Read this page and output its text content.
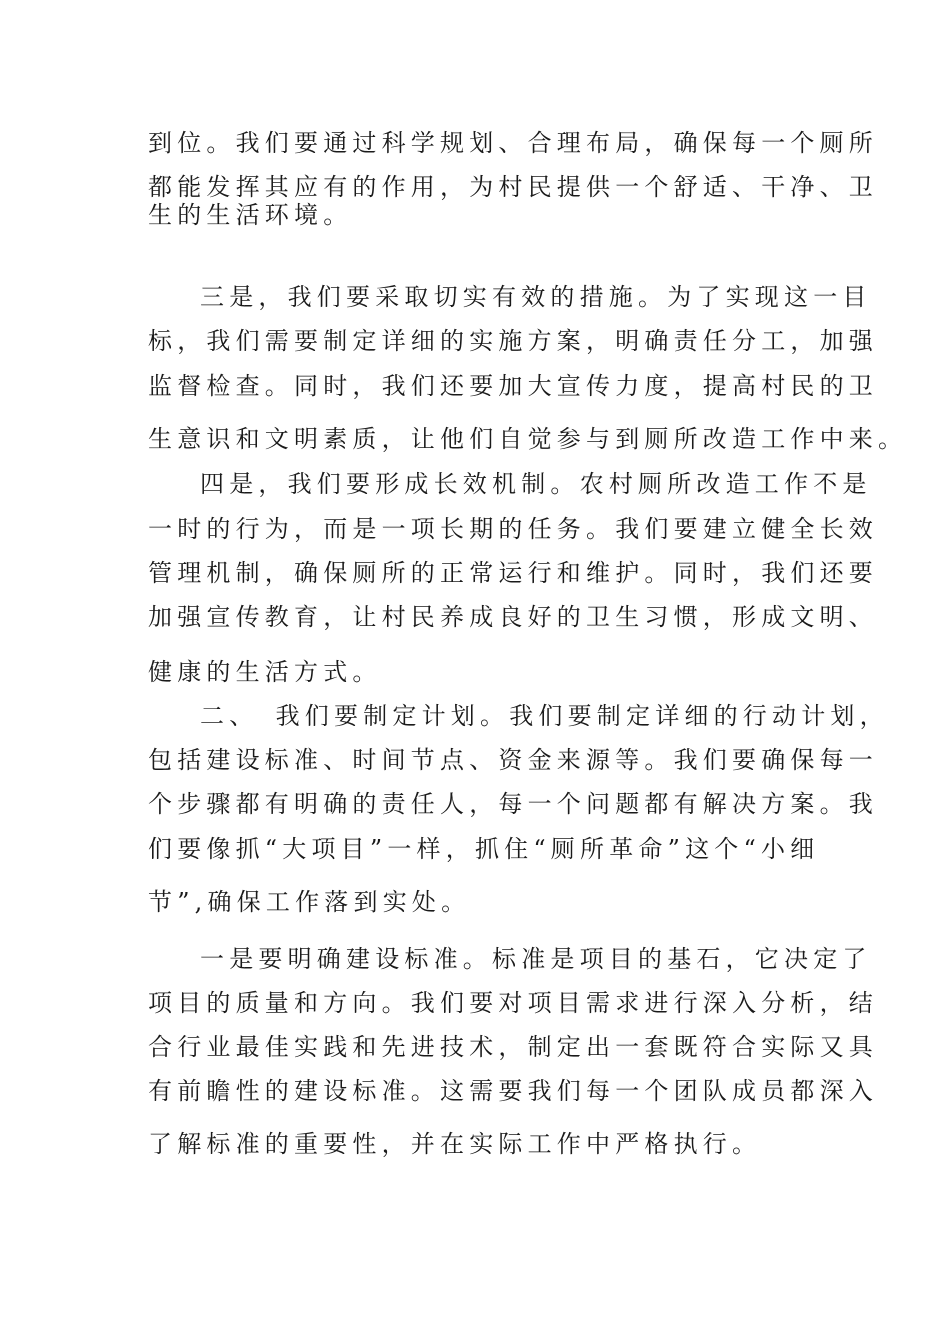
到位。我们要通过科学规划、合理布局，确保每一个厕所
都能发挥其应有的作用，为村民提供一个舒适、干净、卫
生的生活环境。
三是，我们要采取切实有效的措施。为了实现这一目
标，我们需要制定详细的实施方案，明确责任分工，加强
监督检查。同时，我们还要加大宣传力度，提高村民的卫
生意识和文明素质，让他们自觉参与到厕所改造工作中来。
四是，我们要形成长效机制。农村厕所改造工作不是
一时的行为，而是一项长期的任务。我们要建立健全长效
管理机制，确保厕所的正常运行和维护。同时，我们还要
加强宣传教育，让村民养成良好的卫生习惯，形成文明、
健康的生活方式。
二、　我们要制定计划。我们要制定详细的行动计划，
包括建设标准、时间节点、资金来源等。我们要确保每一
个步骤都有明确的责任人，每一个问题都有解决方案。我
们要像抓“大项目”一样，抓住“厕所革命”这个“小细
节”,确保工作落到实处。
一是要明确建设标准。标准是项目的基石，它决定了
项目的质量和方向。我们要对项目需求进行深入分析，结
合行业最佳实践和先进技术，制定出一套既符合实际又具
有前瞻性的建设标准。这需要我们每一个团队成员都深入
了解标准的重要性，并在实际工作中严格执行。
